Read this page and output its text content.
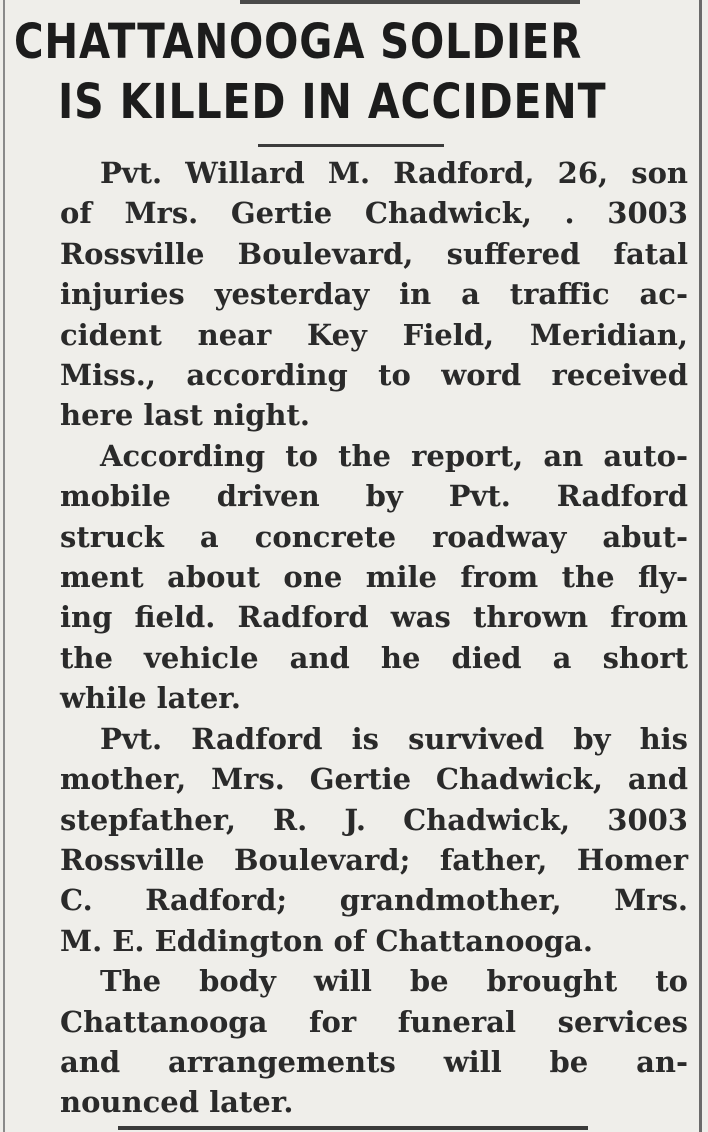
CHATTANOOGA SOLDIER
IS KILLED IN ACCIDENT

Pvt. Willard M. Radford, 26, son
of Mrs. Gertie Chadwick, . 3003
Rossville Boulevard, suffered fatal
injuries yesterday in a traffic ac-
cident near Key Field, Meridian,
Miss., according to word received
here last night.

According to the report, an auto-
mobile driven by Pvt. Radford
struck a concrete roadway abut-
ment about one mile from the fly-
ing field. Radford was thrown from
the vehicle and he died a short
while later.

Pvt. Radford is survived by his
mother, Mrs. Gertie Chadwick, and
stepfather, R. J. Chadwick, 3003
Rossville Boulevard; father, Homer
C. Radford; grandmother, Mrs.
M. E. Eddington of Chattanooga.

The body will be brought to
Chattanooga for funeral services
and arrangements will be an-
nounced later.
